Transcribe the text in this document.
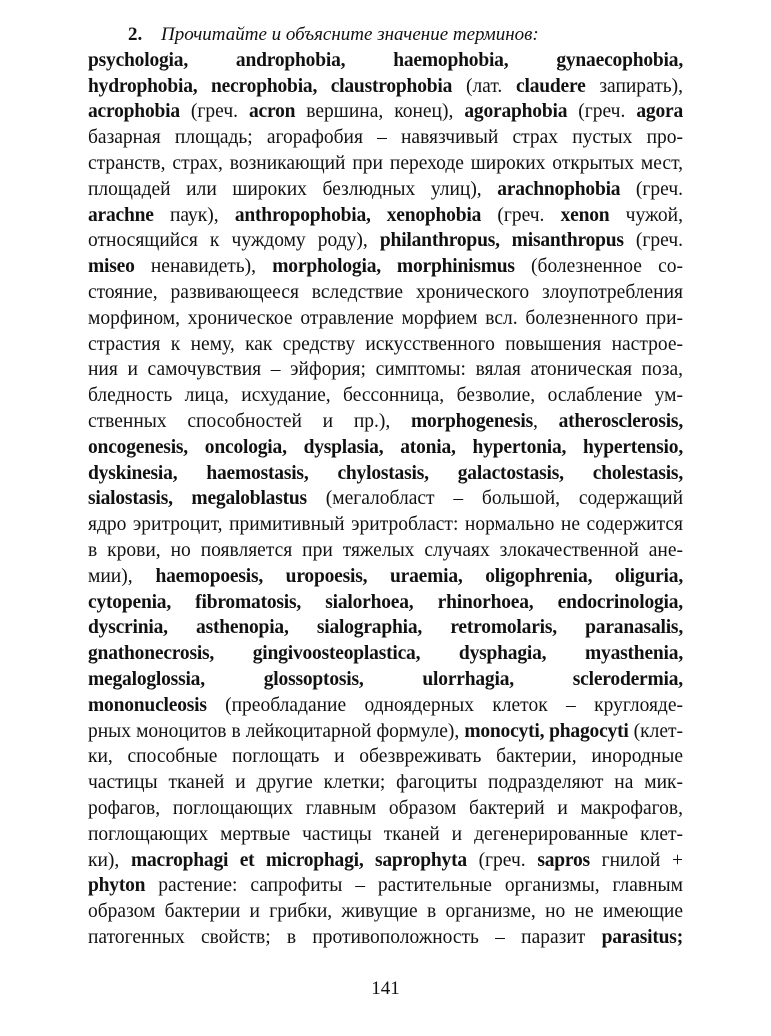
2. Прочитайте и объясните значение терминов:
psychologia, androphobia, haemophobia, gynaecophobia,
hydrophobia, necrophobia, claustrophobia (лат. claudere запирать),
acrophobia (греч. acron вершина, конец), agoraphobia (греч. agora
базарная площадь; агорафобия – навязчивый страх пустых про-
странств, страх, возникающий при переходе широких открытых мест,
площадей или широких безлюдных улиц), arachnophobia (греч.
arachne паук), anthropophobia, xenophobia (греч. xenon чужой,
относящийся к чуждому роду), philanthropus, misanthropus (греч.
miseo ненавидеть), morphologia, morphinismus (болезненное со-
стояние, развивающееся вследствие хронического злоупотребления
морфином, хроническое отравление морфием всл. болезненного при-
страстия к нему, как средству искусственного повышения настрое-
ния и самочувствия – эйфория; симптомы: вялая атоническая поза,
бледность лица, исхудание, бессонница, безволие, ослабление ум-
ственных способностей и пр.), morphogenesis, atherosclerosis,
oncogenesis, oncologia, dysplasia, atonia, hypertonia, hypertensio,
dyskinesia, haemostasis, chylostasis, galactostasis, cholestasis,
sialostasis, megaloblastus (мегалобласт – большой, содержащий
ядро эритроцит, примитивный эритробласт: нормально не содержится
в крови, но появляется при тяжелых случаях злокачественной ане-
мии), haemopoesis, uropoesis, uraemia, oligophrenia, oliguria,
cytopenia, fibromatosis, sialorhoea, rhinorhoea, endocrinologia,
dyscrinia, asthenopia, sialographia, retromolaris, paranasalis,
gnathonecrosis, gingivoosteoplastica, dysphagia, myasthenia,
megaloglossia, glossoptosis, ulorrhagia, sclerodermia,
mononucleosis (преобладание одноядерных клеток – круглояде-
рных моноцитов в лейкоцитарной формуле), monocyti, phagocyti (клет-
ки, способные поглощать и обезвреживать бактерии, инородные
частицы тканей и другие клетки; фагоциты подразделяют на мик-
рофагов, поглощающих главным образом бактерий и макрофагов,
поглощающих мертвые частицы тканей и дегенерированные клет-
ки), macrophagi et microphagi, saprophyta (греч. sapros гнилой +
phyton растение: сапрофиты – растительные организмы, главным
образом бактерии и грибки, живущие в организме, но не имеющие
патогенных свойств; в противоположность – паразит parasitus;
141
